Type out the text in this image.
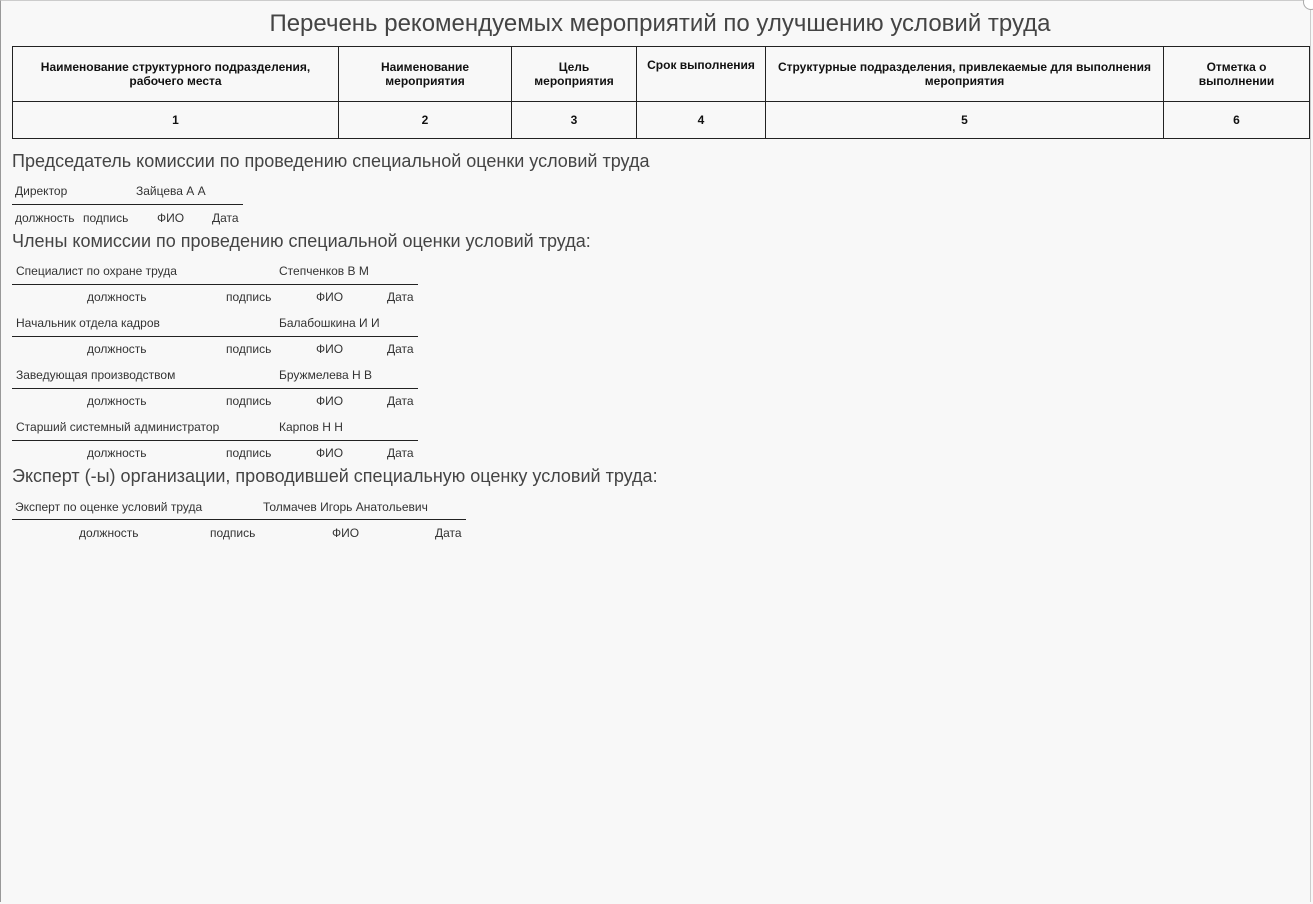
Перечень рекомендуемых мероприятий по улучшению условий труда
Наименование структурного подразделения, рабочего места	Наименование мероприятия	Цель мероприятия	Срок выполнения	Структурные подразделения, привлекаемые для выполнения мероприятия	Отметка о выполнении
1	2	3	4	5	6
Председатель комиссии по проведению специальной оценки условий труда
Директор	Зайцева А А
должность подпись ФИО Дата
Члены комиссии по проведению специальной оценки условий труда:
Специалист по охране труда	Степченков В М
должность	подпись	ФИО	Дата
Начальник отдела кадров	Балабошкина И И
должность	подпись	ФИО	Дата
Заведующая производством	Бружмелева Н В
должность	подпись	ФИО	Дата
Старший системный администратор	Карпов Н Н
должность	подпись	ФИО	Дата
Эксперт (-ы) организации, проводившей специальную оценку условий труда:
Эксперт по оценке условий труда	Толмачев Игорь Анатольевич
должность	подпись	ФИО	Дата
